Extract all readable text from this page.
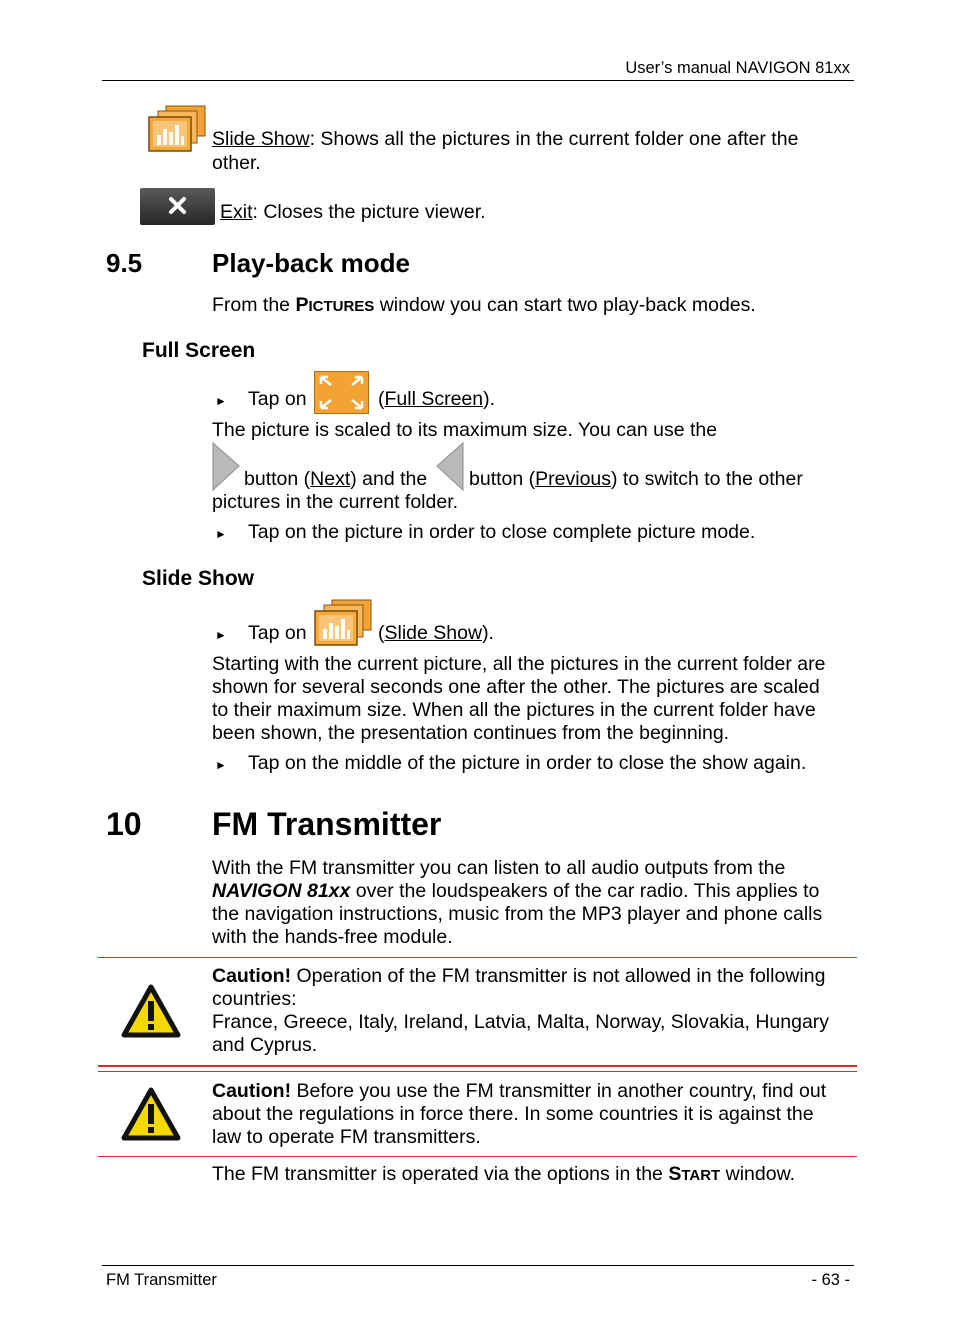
User’s manual NAVIGON 81xx
Slide Show: Shows all the pictures in the current folder one after the
other.
Exit: Closes the picture viewer.
9.5	Play-back mode
From the PICTURES window you can start two play-back modes.
Full Screen
► Tap on	(Full Screen).
The picture is scaled to its maximum size. You can use the
button (Next) and the button (Previous) to switch to the other
pictures in the current folder.
► Tap on the picture in order to close complete picture mode.
Slide Show
► Tap on	(Slide Show).

Starting with the current picture, all the pictures in the current folder are

shown for several seconds one after the other. The pictures are scaled

to their maximum size. When all the pictures in the current folder have

been shown, the presentation continues from the beginning.

► Tap on the middle of the picture in order to close the show again.
10 FM Transmitter

With the FM transmitter you can listen to all audio outputs from the

NAVIGON 81xx over the loudspeakers of the car radio. This applies to

the navigation instructions, music from the MP3 player and phone calls

with the hands-free module.

Caution! Operation of the FM transmitter is not allowed in the following

countries:

France, Greece, Italy, Ireland, Latvia, Malta, Norway, Slovakia, Hungary

and Cyprus.

Caution! Before you use the FM transmitter in another country, find out

about the regulations in force there. In some countries it is against the

law to operate FM transmitters.

The FM transmitter is operated via the options in the START window.
FM Transmitter	- 63 -
